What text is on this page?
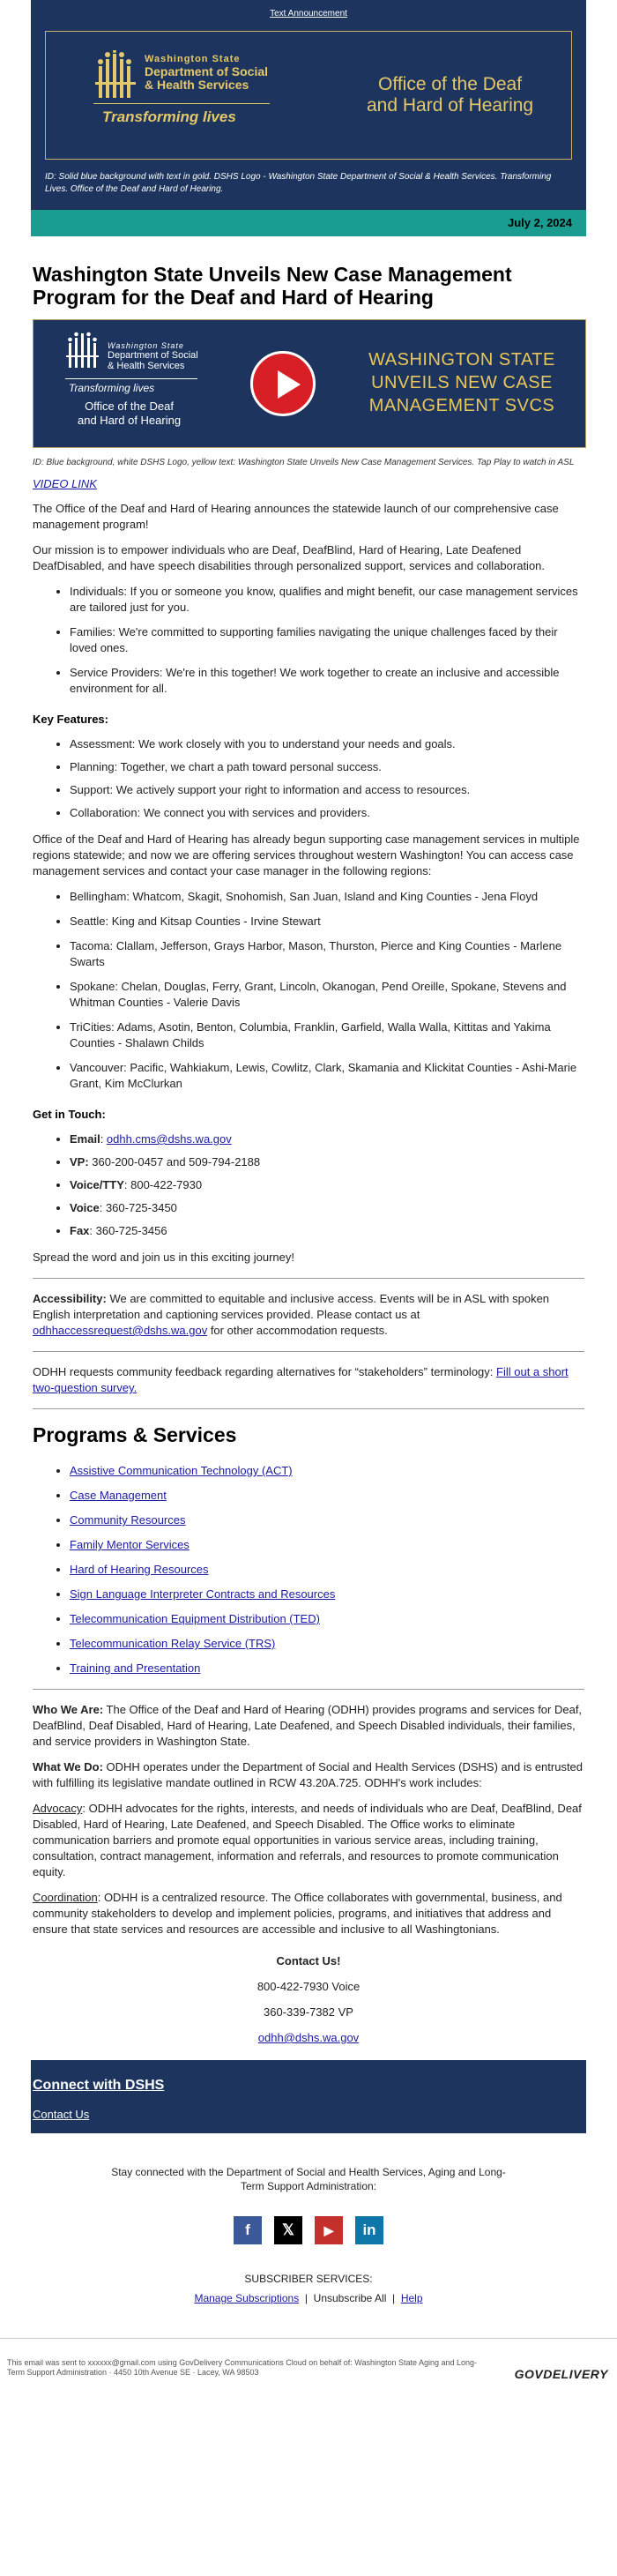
Text Announcement
Washington State
Department of Social
& Health Services
Transforming lives
Office of the Deaf
and Hard of Hearing
ID: Solid blue background with text in gold. DSHS Logo - Washington State Department of Social & Health Services. Transforming Lives. Office of the Deaf and Hard of Hearing.
July 2, 2024
Washington State Unveils New Case Management Program for the Deaf and Hard of Hearing
Washington State
Department of Social
& Health Services
Transforming lives
Office of the Deaf
and Hard of Hearing
WASHINGTON STATE
UNVEILS NEW CASE
MANAGEMENT SVCS
ID: Blue background, white DSHS Logo, yellow text: Washington State Unveils New Case Management Services. Tap Play to watch in ASL
VIDEO LINK

The Office of the Deaf and Hard of Hearing announces the statewide launch of our comprehensive case management program!

Our mission is to empower individuals who are Deaf, DeafBlind, Hard of Hearing, Late Deafened DeafDisabled, and have speech disabilities through personalized support, services and collaboration.

• Individuals: If you or someone you know, qualifies and might benefit, our case management services are tailored just for you.
• Families: We're committed to supporting families navigating the unique challenges faced by their loved ones.
• Service Providers: We're in this together! We work together to create an inclusive and accessible environment for all.
Key Features:
• Assessment: We work closely with you to understand your needs and goals.
• Planning: Together, we chart a path toward personal success.
• Support: We actively support your right to information and access to resources.
• Collaboration: We connect you with services and providers.

Office of the Deaf and Hard of Hearing has already begun supporting case management services in multiple regions statewide; and now we are offering services throughout western Washington! You can access case management services and contact your case manager in the following regions:

• Bellingham: Whatcom, Skagit, Snohomish, San Juan, Island and King Counties - Jena Floyd
• Seattle: King and Kitsap Counties - Irvine Stewart
• Tacoma: Clallam, Jefferson, Grays Harbor, Mason, Thurston, Pierce and King Counties - Marlene Swarts
• Spokane: Chelan, Douglas, Ferry, Grant, Lincoln, Okanogan, Pend Oreille, Spokane, Stevens and Whitman Counties - Valerie Davis
• TriCities: Adams, Asotin, Benton, Columbia, Franklin, Garfield, Walla Walla, Kittitas and Yakima Counties - Shalawn Childs
• Vancouver: Pacific, Wahkiakum, Lewis, Cowlitz, Clark, Skamania and Klickitat Counties - Ashi-Marie Grant, Kim McClurkan
Get in Touch:
• Email: odhh.cms@dshs.wa.gov
• VP: 360-200-0457 and 509-794-2188
• Voice/TTY: 800-422-7930
• Voice: 360-725-3450
• Fax: 360-725-3456

Spread the word and join us in this exciting journey!

Accessibility: We are committed to equitable and inclusive access. Events will be in ASL with spoken English interpretation and captioning services provided. Please contact us at odhhaccessrequest@dshs.wa.gov for other accommodation requests.

ODHH requests community feedback regarding alternatives for “stakeholders” terminology: Fill out a short two-question survey.

Programs & Services
• Assistive Communication Technology (ACT)
• Case Management
• Community Resources
• Family Mentor Services
• Hard of Hearing Resources
• Sign Language Interpreter Contracts and Resources
• Telecommunication Equipment Distribution (TED)
• Telecommunication Relay Service (TRS)
• Training and Presentation

Who We Are: The Office of the Deaf and Hard of Hearing (ODHH) provides programs and services for Deaf, DeafBlind, Deaf Disabled, Hard of Hearing, Late Deafened, and Speech Disabled individuals, their families, and service providers in Washington State.

What We Do: ODHH operates under the Department of Social and Health Services (DSHS) and is entrusted with fulfilling its legislative mandate outlined in RCW 43.20A.725. ODHH's work includes:

Advocacy: ODHH advocates for the rights, interests, and needs of individuals who are Deaf, DeafBlind, Deaf Disabled, Hard of Hearing, Late Deafened, and Speech Disabled. The Office works to eliminate communication barriers and promote equal opportunities in various service areas, including training, consultation, contract management, information and referrals, and resources to promote communication equity.

Coordination: ODHH is a centralized resource. The Office collaborates with governmental, business, and community stakeholders to develop and implement policies, programs, and initiatives that address and ensure that state services and resources are accessible and inclusive to all Washingtonians.

Contact Us!

800-422-7930 Voice

360-339-7382 VP

odhh@dshs.wa.gov

Connect with DSHS
Contact Us
Stay connected with the Department of Social and Health Services, Aging and Long-Term Support Administration:
f	𝕏	▶	in

SUBSCRIBER SERVICES:

Manage Subscriptions  |  Unsubscribe All  |  Help

This email was sent to xxxxxx@gmail.com using GovDelivery Communications Cloud on behalf of: Washington State Aging and Long-Term Support Administration · 4450 10th Avenue SE · Lacey, WA 98503	GOVDELIVERY
